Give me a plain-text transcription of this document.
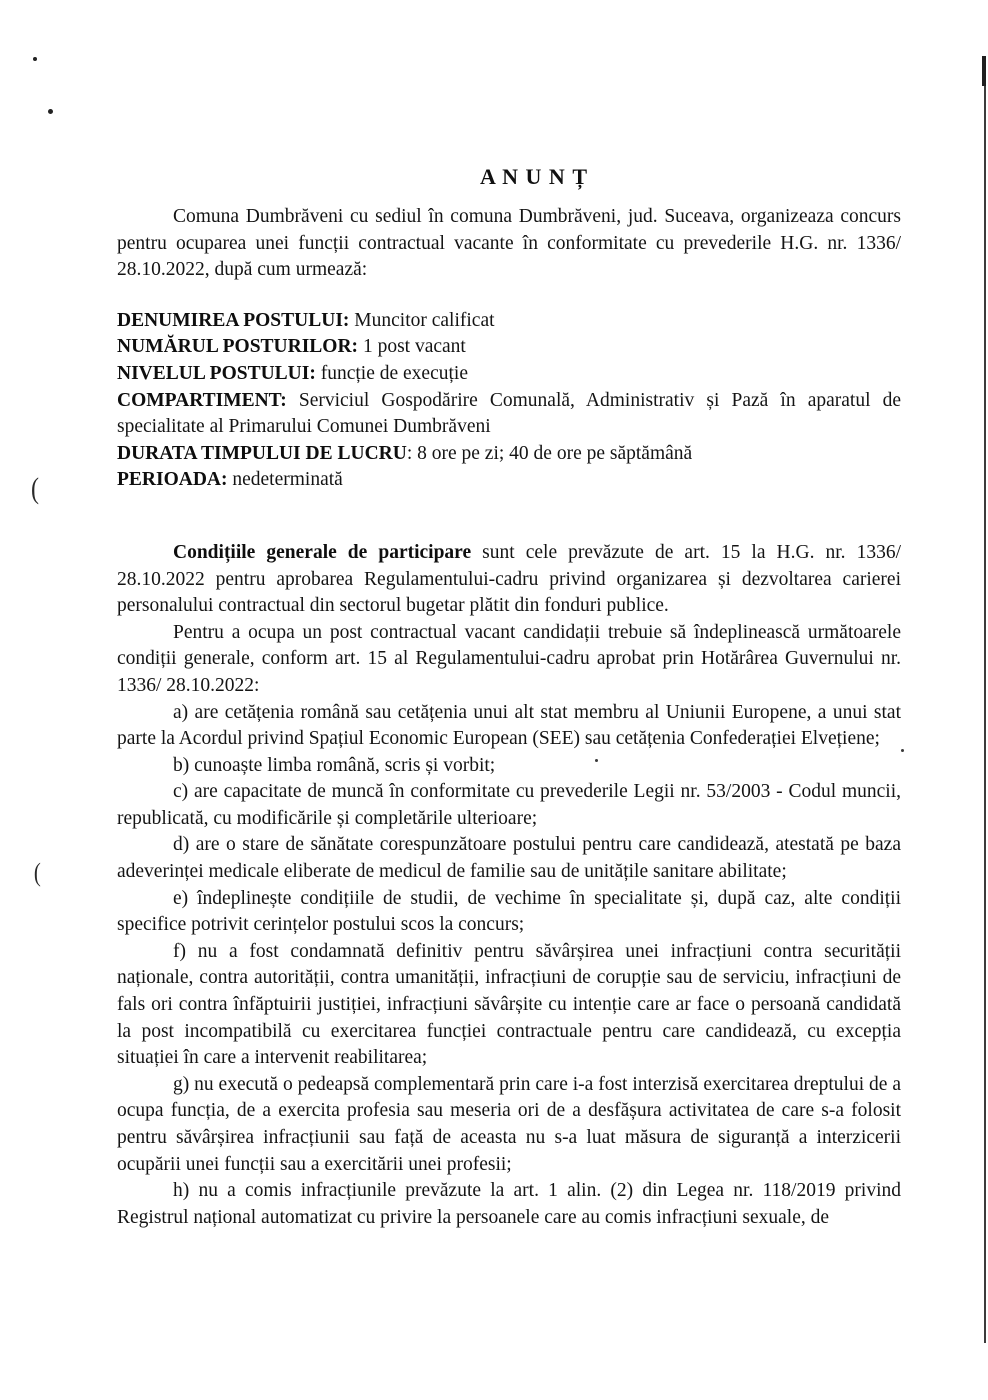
(
(
A N U N Ț

Comuna Dumbrăveni cu sediul în comuna Dumbrăveni, jud. Suceava, organizeaza concurs pentru ocuparea unei funcții contractual vacante în conformitate cu prevederile H.G. nr. 1336/ 28.10.2022, după cum urmează:

DENUMIREA POSTULUI: Muncitor calificat

NUMĂRUL POSTURILOR: 1 post vacant

NIVELUL POSTULUI: funcție de execuție

COMPARTIMENT: Serviciul Gospodărire Comunală, Administrativ și Pază în aparatul de specialitate al Primarului Comunei Dumbrăveni

DURATA TIMPULUI DE LUCRU: 8 ore pe zi; 40 de ore pe săptămână

PERIOADA: nedeterminată

Condițiile generale de participare sunt cele prevăzute de art. 15 la H.G. nr. 1336/ 28.10.2022 pentru aprobarea Regulamentului-cadru privind organizarea și dezvoltarea carierei personalului contractual din sectorul bugetar plătit din fonduri publice.

Pentru a ocupa un post contractual vacant candidații trebuie să îndeplinească următoarele condiții generale, conform art. 15 al Regulamentului-cadru aprobat prin Hotărârea Guvernului nr. 1336/ 28.10.2022:

a) are cetățenia română sau cetățenia unui alt stat membru al Uniunii Europene, a unui stat parte la Acordul privind Spațiul Economic European (SEE) sau cetățenia Confederației Elvețiene;

b) cunoaște limba română, scris și vorbit;

c) are capacitate de muncă în conformitate cu prevederile Legii nr. 53/2003 - Codul muncii, republicată, cu modificările și completările ulterioare;

d) are o stare de sănătate corespunzătoare postului pentru care candidează, atestată pe baza adeverinței medicale eliberate de medicul de familie sau de unitățile sanitare abilitate;

e) îndeplinește condițiile de studii, de vechime în specialitate și, după caz, alte condiții specifice potrivit cerințelor postului scos la concurs;

f) nu a fost condamnată definitiv pentru săvârșirea unei infracțiuni contra securității naționale, contra autorității, contra umanității, infracțiuni de corupție sau de serviciu, infracțiuni de fals ori contra înfăptuirii justiției, infracțiuni săvârșite cu intenție care ar face o persoană candidată la post incompatibilă cu exercitarea funcției contractuale pentru care candidează, cu excepția situației în care a intervenit reabilitarea;

g) nu execută o pedeapsă complementară prin care i-a fost interzisă exercitarea dreptului de a ocupa funcția, de a exercita profesia sau meseria ori de a desfășura activitatea de care s-a folosit pentru săvârșirea infracțiunii sau față de aceasta nu s-a luat măsura de siguranță a interzicerii ocupării unei funcții sau a exercitării unei profesii;

h) nu a comis infracțiunile prevăzute la art. 1 alin. (2) din Legea nr. 118/2019 privind Registrul național automatizat cu privire la persoanele care au comis infracțiuni sexuale, de
